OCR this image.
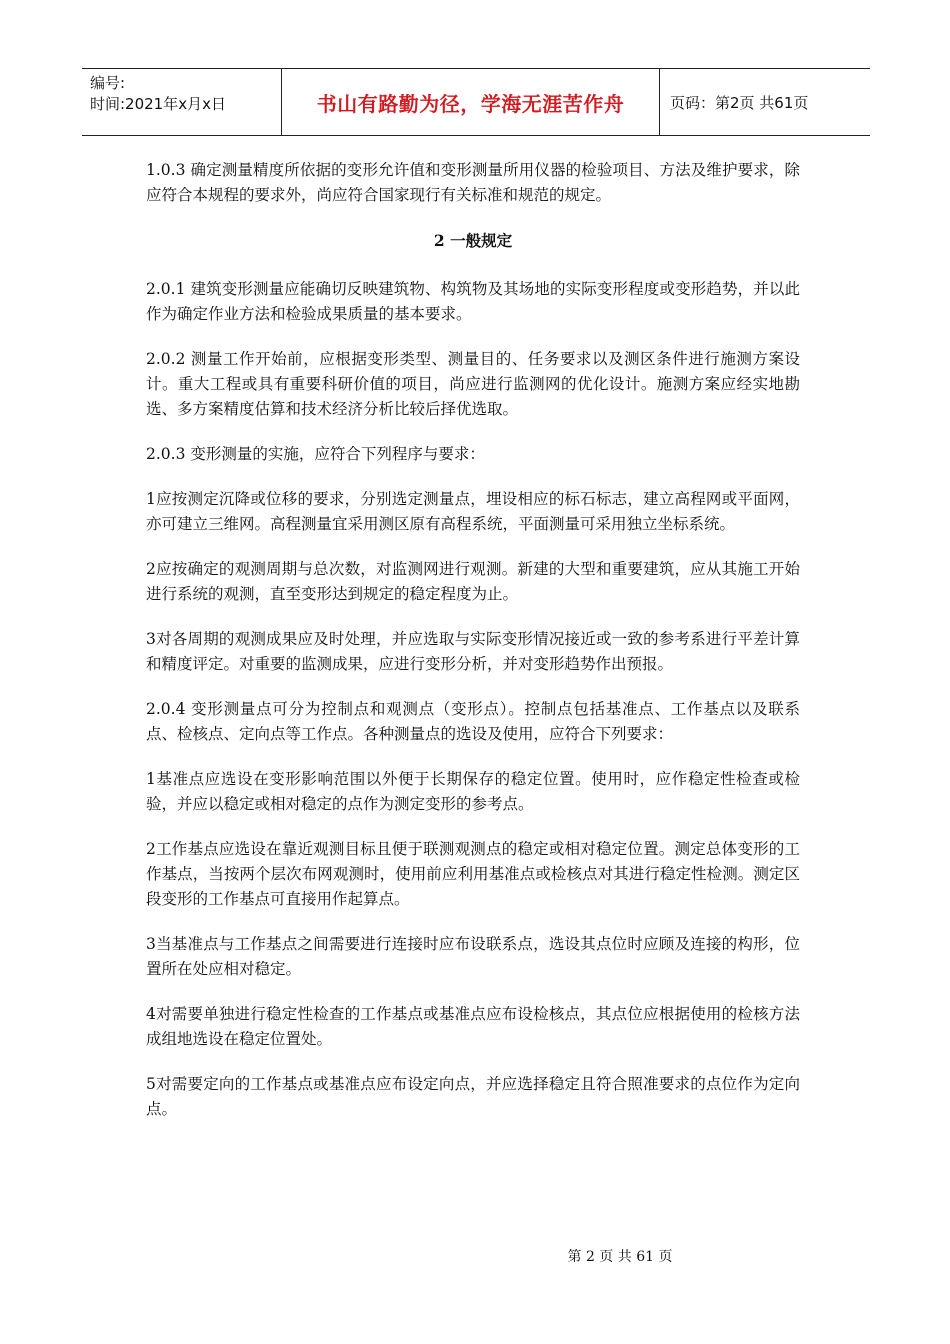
编号:
时间:2021年x月x日	书山有路勤为径，学海无涯苦作舟	页码：第2页 共61页

1.0.3 确定测量精度所依据的变形允许值和变形测量所用仪器的检验项目、方法及维护要求，除应符合本规程的要求外，尚应符合国家现行有关标准和规范的规定。

2 一般规定

2.0.1 建筑变形测量应能确切反映建筑物、构筑物及其场地的实际变形程度或变形趋势，并以此作为确定作业方法和检验成果质量的基本要求。

2.0.2 测量工作开始前，应根据变形类型、测量目的、任务要求以及测区条件进行施测方案设计。重大工程或具有重要科研价值的项目，尚应进行监测网的优化设计。施测方案应经实地勘选、多方案精度估算和技术经济分析比较后择优选取。

2.0.3 变形测量的实施，应符合下列程序与要求：

1应按测定沉降或位移的要求，分别选定测量点，埋设相应的标石标志，建立高程网或平面网，亦可建立三维网。高程测量宜采用测区原有高程系统，平面测量可采用独立坐标系统。

2应按确定的观测周期与总次数，对监测网进行观测。新建的大型和重要建筑，应从其施工开始进行系统的观测，直至变形达到规定的稳定程度为止。

3对各周期的观测成果应及时处理，并应选取与实际变形情况接近或一致的参考系进行平差计算和精度评定。对重要的监测成果，应进行变形分析，并对变形趋势作出预报。

2.0.4 变形测量点可分为控制点和观测点（变形点）。控制点包括基准点、工作基点以及联系点、检核点、定向点等工作点。各种测量点的选设及使用，应符合下列要求：

1基准点应选设在变形影响范围以外便于长期保存的稳定位置。使用时，应作稳定性检查或检验，并应以稳定或相对稳定的点作为测定变形的参考点。

2工作基点应选设在靠近观测目标且便于联测观测点的稳定或相对稳定位置。测定总体变形的工作基点，当按两个层次布网观测时，使用前应利用基准点或检核点对其进行稳定性检测。测定区段变形的工作基点可直接用作起算点。

3当基准点与工作基点之间需要进行连接时应布设联系点，选设其点位时应顾及连接的构形，位置所在处应相对稳定。

4对需要单独进行稳定性检查的工作基点或基准点应布设检核点，其点位应根据使用的检核方法成组地选设在稳定位置处。

5对需要定向的工作基点或基准点应布设定向点，并应选择稳定且符合照准要求的点位作为定向点。

第 2 页 共 61 页
